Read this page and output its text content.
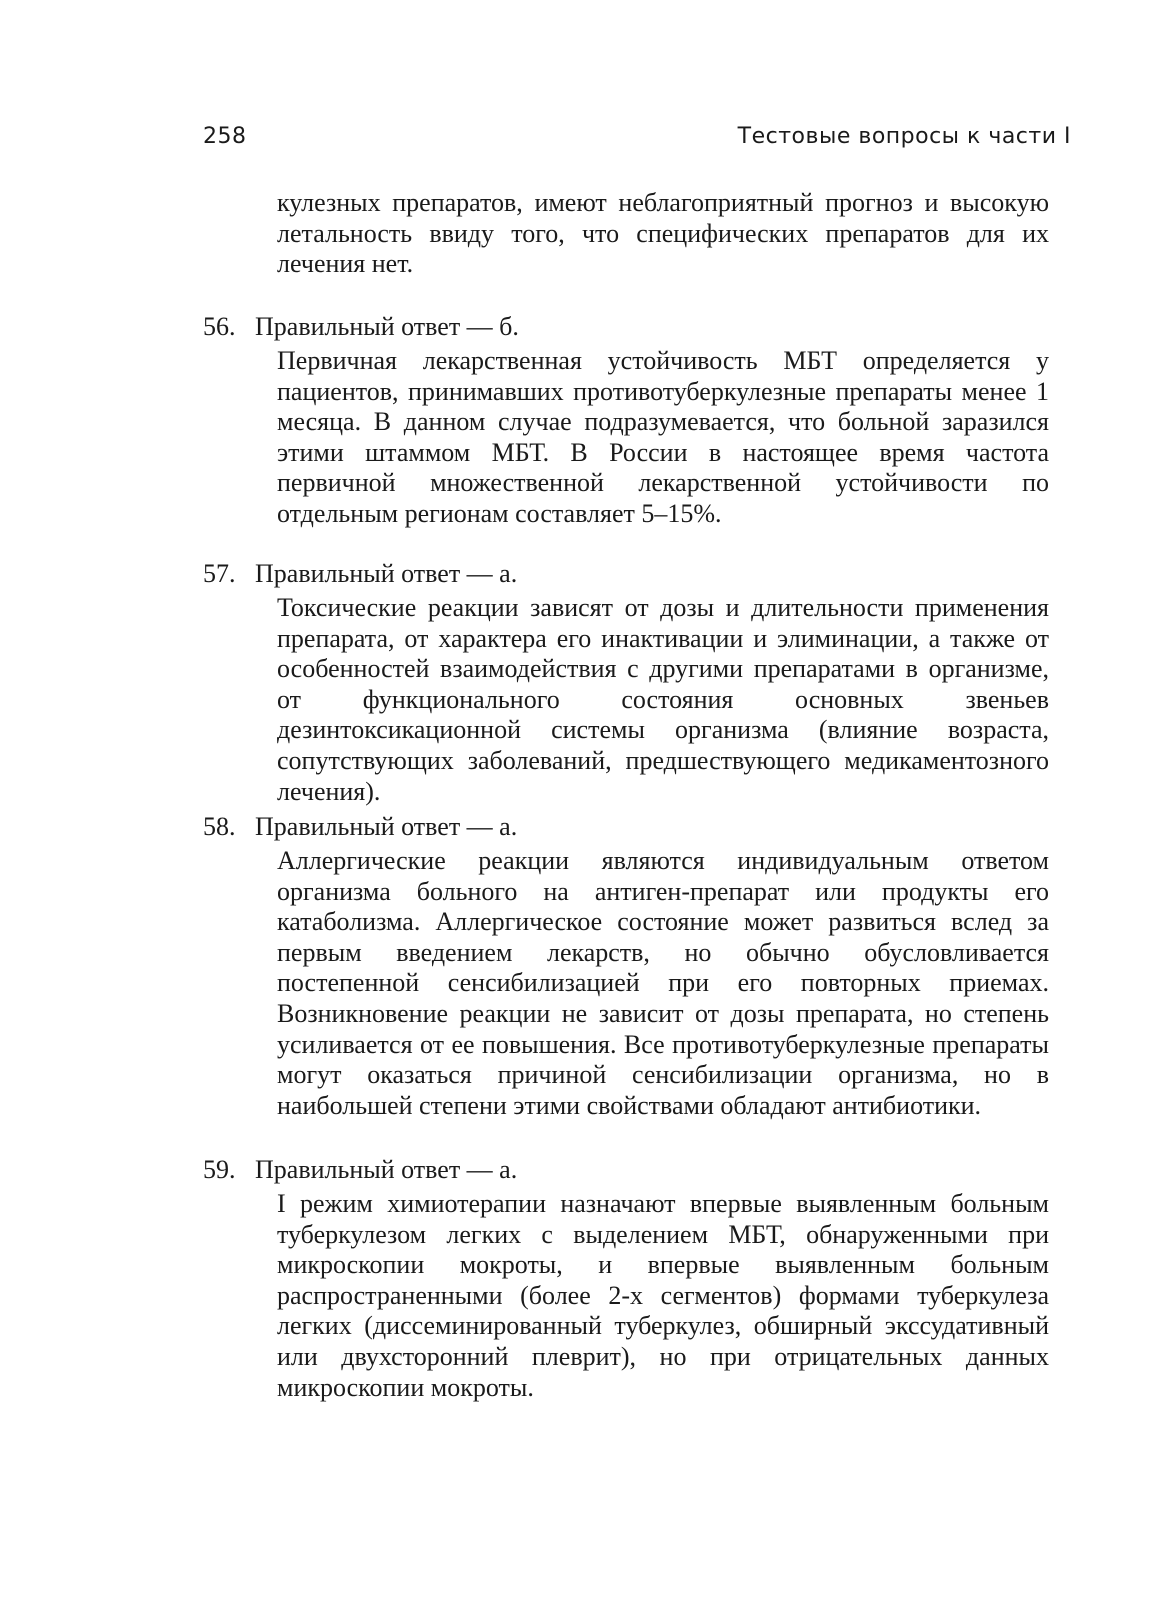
258	Тестовые вопросы к части I

кулезных препаратов, имеют неблагоприятный прогноз и высокую летальность ввиду того, что специфических препаратов для их лечения нет.

56. Правильный ответ — б.

Первичная лекарственная устойчивость МБТ определяется у пациентов, принимавших противотуберкулезные препараты менее 1 месяца. В данном случае подразумевается, что больной заразился этими штаммом МБТ. В России в настоящее время частота первичной множественной лекарственной устойчивости по отдельным регионам составляет 5–15%.

57. Правильный ответ — а.

Токсические реакции зависят от дозы и длительности применения препарата, от характера его инактивации и элиминации, а также от особенностей взаимодействия с другими препаратами в организме, от функционального состояния основных звеньев дезинтоксикационной системы организма (влияние возраста, сопутствующих заболеваний, предшествующего медикаментозного лечения).

58. Правильный ответ — а.

Аллергические реакции являются индивидуальным ответом организма больного на антиген-препарат или продукты его катаболизма. Аллергическое состояние может развиться вслед за первым введением лекарств, но обычно обусловливается постепенной сенсибилизацией при его повторных приемах. Возникновение реакции не зависит от дозы препарата, но степень усиливается от ее повышения. Все противотуберкулезные препараты могут оказаться причиной сенсибилизации организма, но в наибольшей степени этими свойствами обладают антибиотики.

59. Правильный ответ — а.

I режим химиотерапии назначают впервые выявленным больным туберкулезом легких с выделением МБТ, обнаруженными при микроскопии мокроты, и впервые выявленным больным распространенными (более 2-х сегментов) формами туберкулеза легких (диссеминированный туберкулез, обширный экссудативный или двухсторонний плеврит), но при отрицательных данных микроскопии мокроты.
